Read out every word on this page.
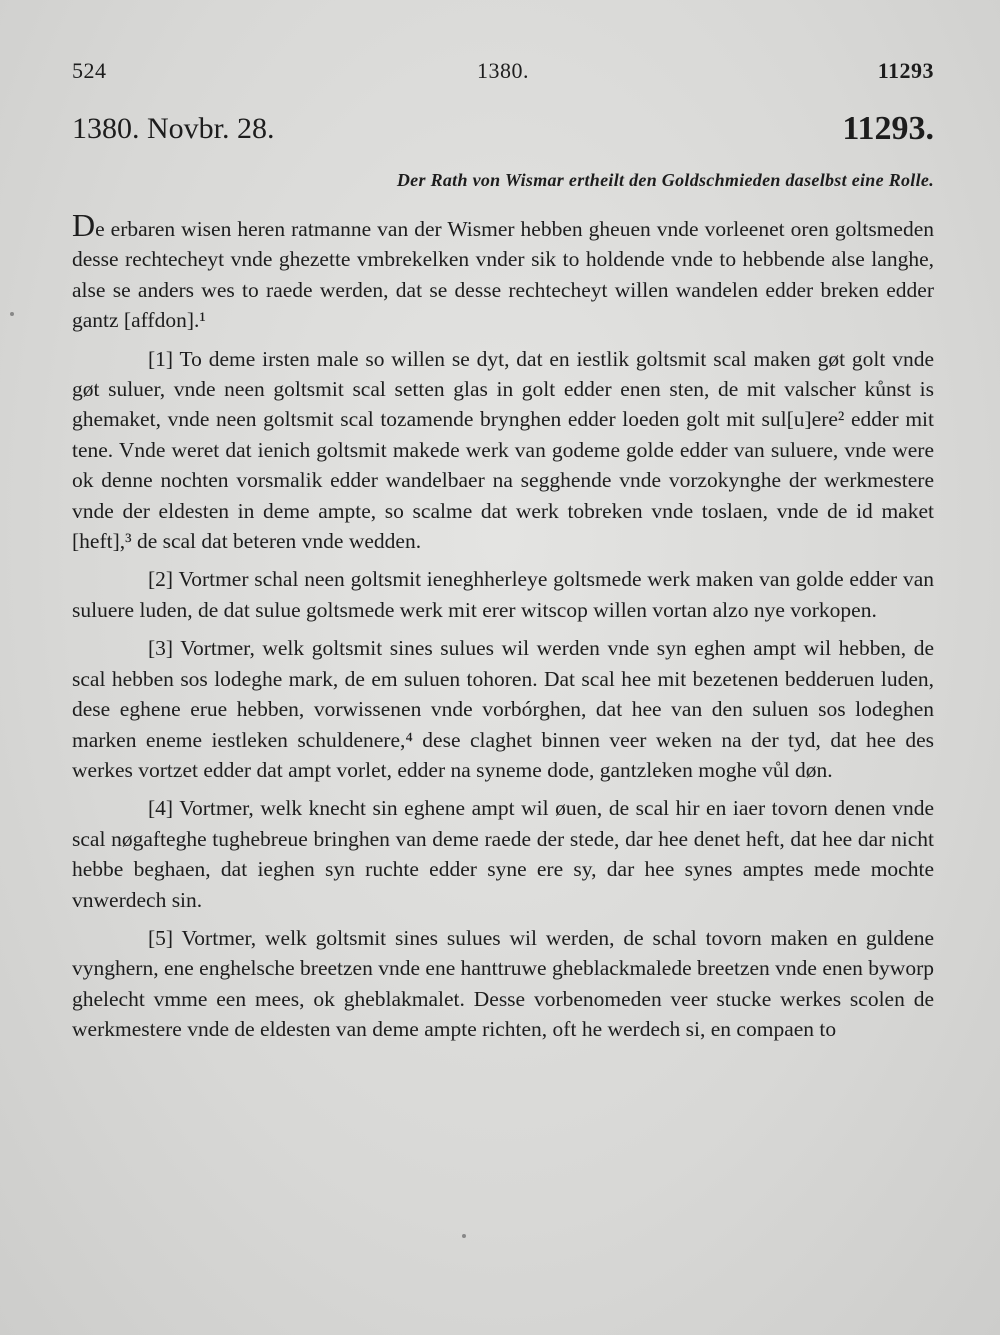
524	1380.	11293
1380. Novbr. 28.	11293.
Der Rath von Wismar ertheilt den Goldschmieden daselbst eine Rolle.

De erbaren wisen heren ratmanne van der Wismer hebben gheuen vnde vorleenet oren goltsmeden desse rechtecheyt vnde ghezette vmbrekelken vnder sik to holdende vnde to hebbende alse langhe, alse se anders wes to raede werden, dat se desse rechtecheyt willen wandelen edder breken edder gantz [affdon].¹

[1] To deme irsten male so willen se dyt, dat en iestlik goltsmit scal maken gøt golt vnde gøt suluer, vnde neen goltsmit scal setten glas in golt edder enen sten, de mit valscher kůnst is ghemaket, vnde neen goltsmit scal tozamende brynghen edder loeden golt mit sul[u]ere² edder mit tene. Vnde weret dat ienich goltsmit makede werk van godeme golde edder van suluere, vnde were ok denne nochten vorsmalik edder wandelbaer na segghende vnde vorzokynghe der werkmestere vnde der eldesten in deme ampte, so scalme dat werk tobreken vnde toslaen, vnde de id maket [heft],³ de scal dat beteren vnde wedden.

[2] Vortmer schal neen goltsmit ieneghherleye goltsmede werk maken van golde edder van suluere luden, de dat sulue goltsmede werk mit erer witscop willen vortan alzo nye vorkopen.

[3] Vortmer, welk goltsmit sines sulues wil werden vnde syn eghen ampt wil hebben, de scal hebben sos lodeghe mark, de em suluen tohoren. Dat scal hee mit bezetenen bedderuen luden, dese eghene erue hebben, vorwissenen vnde vorbórghen, dat hee van den suluen sos lodeghen marken eneme iestleken schuldenere,⁴ dese claghet binnen veer weken na der tyd, dat hee des werkes vortzet edder dat ampt vorlet, edder na syneme dode, gantzleken moghe vůl døn.

[4] Vortmer, welk knecht sin eghene ampt wil øuen, de scal hir en iaer tovorn denen vnde scal nøgafteghe tughebreue bringhen van deme raede der stede, dar hee denet heft, dat hee dar nicht hebbe beghaen, dat ieghen syn ruchte edder syne ere sy, dar hee synes amptes mede mochte vnwerdech sin.

[5] Vortmer, welk goltsmit sines sulues wil werden, de schal tovorn maken en guldene vynghern, ene enghelsche breetzen vnde ene hanttruwe gheblackmalede breetzen vnde enen byworp ghelecht vmme een mees, ok gheblakmalet. Desse vorbenomeden veer stucke werkes scolen de werkmestere vnde de eldesten van deme ampte richten, oft he werdech si, en compaen to
